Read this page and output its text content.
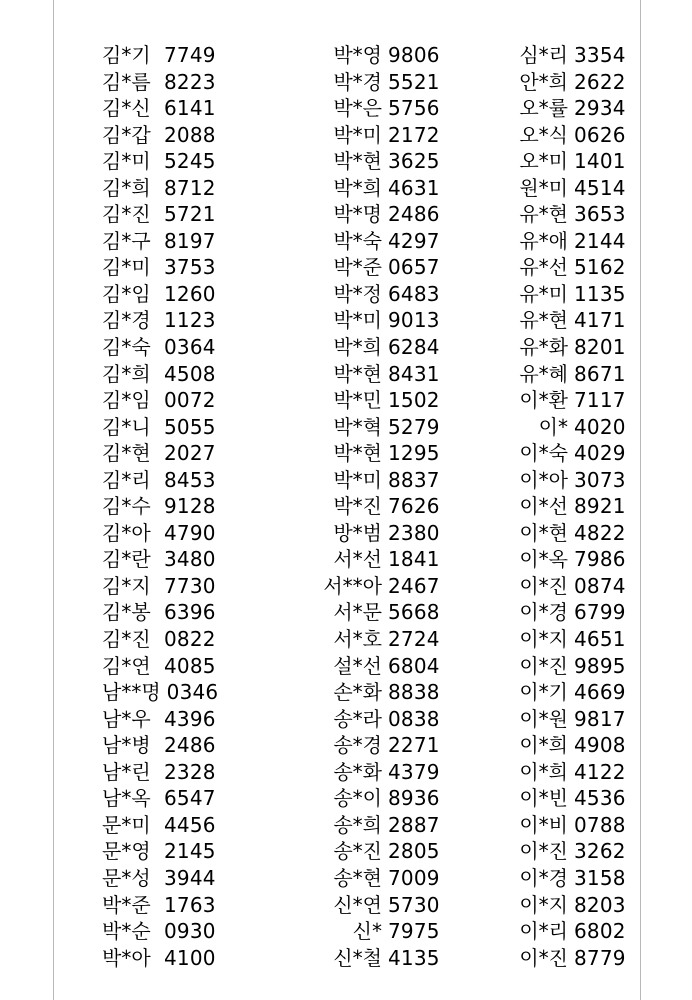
김*기 7749
김*름 8223
김*신 6141
김*갑 2088
김*미 5245
김*희 8712
김*진 5721
김*구 8197
김*미 3753
김*임 1260
김*경 1123
김*숙 0364
김*희 4508
김*임 0072
김*니 5055
김*현 2027
김*리 8453
김*수 9128
김*아 4790
김*란 3480
김*지 7730
김*봉 6396
김*진 0822
김*연 4085
남**명 0346
남*우 4396
남*병 2486
남*린 2328
남*옥 6547
문*미 4456
문*영 2145
문*성 3944
박*준 1763
박*순 0930
박*아 4100
박*영 9806
박*경 5521
박*은 5756
박*미 2172
박*현 3625
박*희 4631
박*명 2486
박*숙 4297
박*준 0657
박*정 6483
박*미 9013
박*희 6284
박*현 8431
박*민 1502
박*혁 5279
박*현 1295
박*미 8837
박*진 7626
방*범 2380
서*선 1841
서**아 2467
서*문 5668
서*호 2724
설*선 6804
손*화 8838
송*라 0838
송*경 2271
송*화 4379
송*이 8936
송*희 2887
송*진 2805
송*현 7009
신*연 5730
신* 7975
신*철 4135
심*리 3354
안*희 2622
오*률 2934
오*식 0626
오*미 1401
원*미 4514
유*현 3653
유*애 2144
유*선 5162
유*미 1135
유*현 4171
유*화 8201
유*혜 8671
이*환 7117
이* 4020
이*숙 4029
이*아 3073
이*선 8921
이*현 4822
이*옥 7986
이*진 0874
이*경 6799
이*지 4651
이*진 9895
이*기 4669
이*원 9817
이*희 4908
이*희 4122
이*빈 4536
이*비 0788
이*진 3262
이*경 3158
이*지 8203
이*리 6802
이*진 8779
